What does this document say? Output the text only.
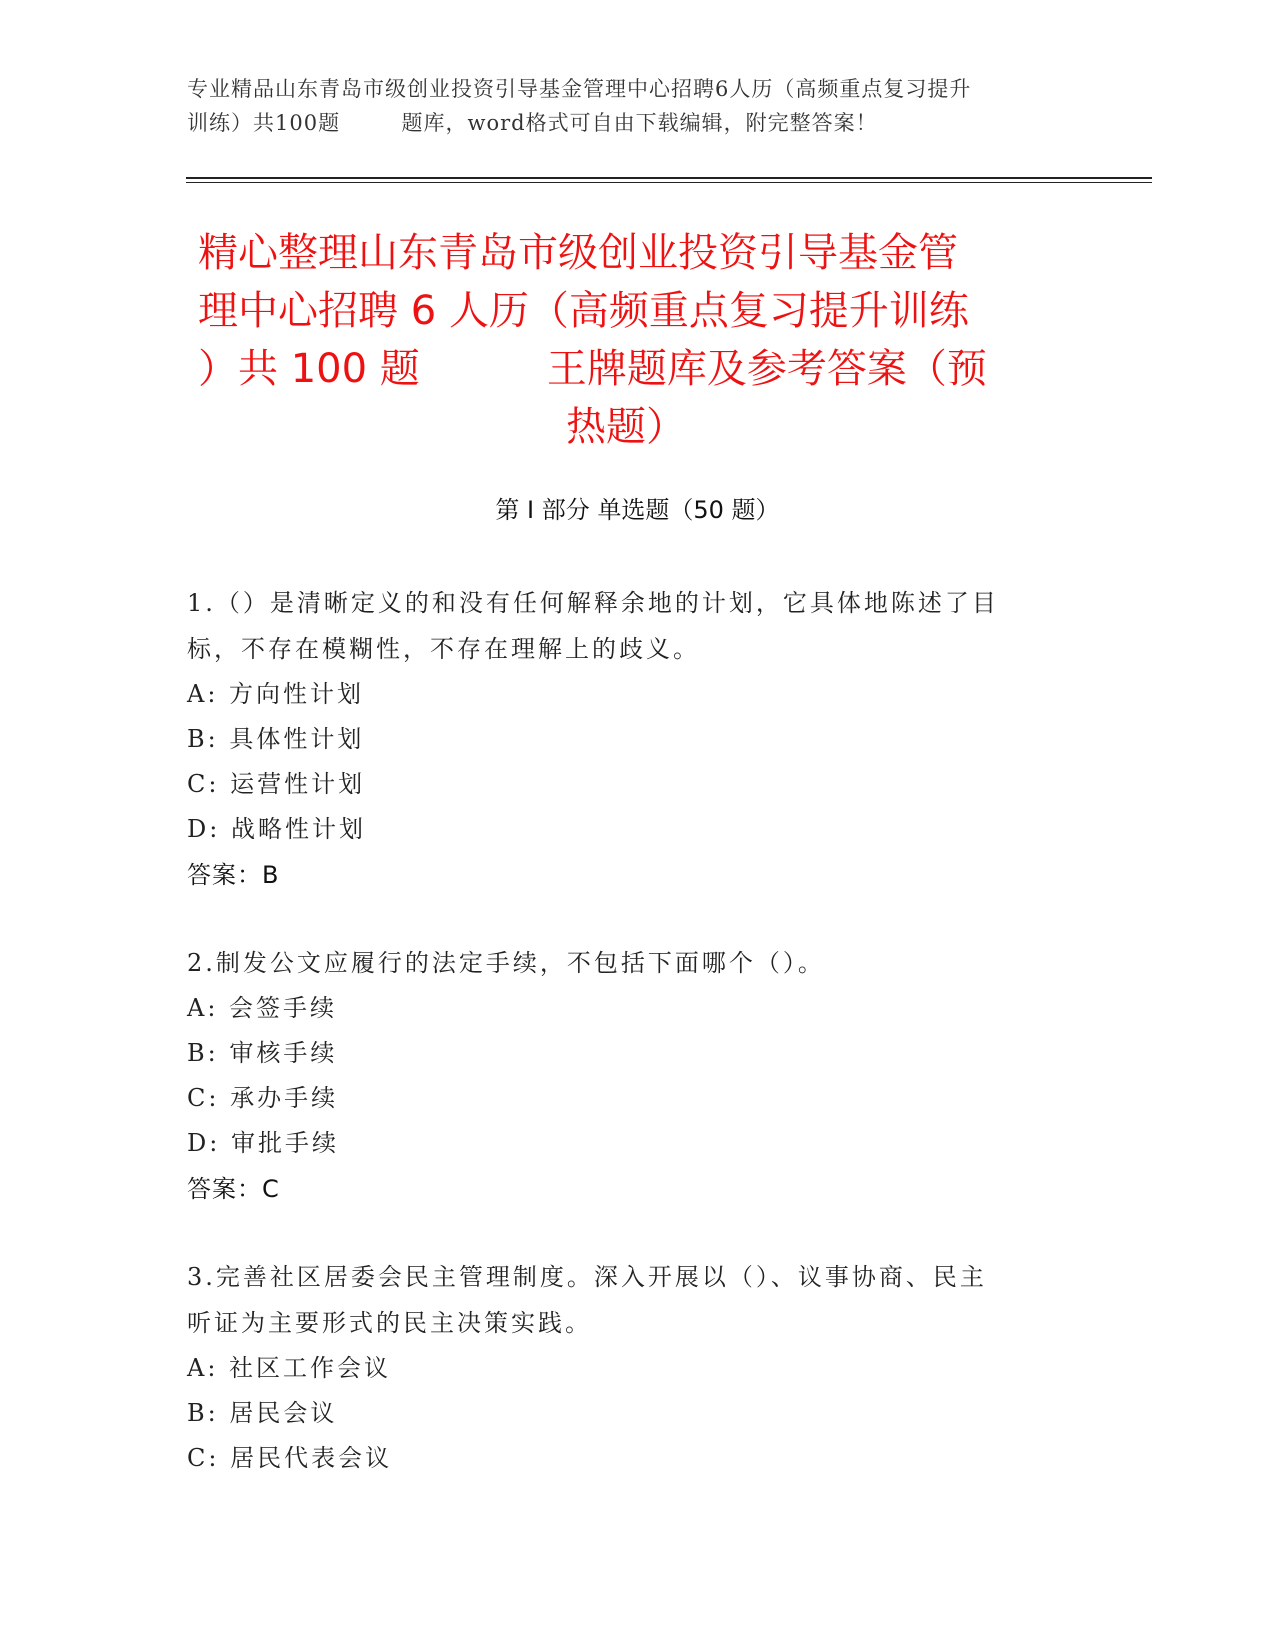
专业精品山东青岛市级创业投资引导基金管理中心招聘6人历（高频重点复习提升
训练）共100题        题库，word格式可自由下载编辑，附完整答案！
精心整理山东青岛市级创业投资引导基金管
理中心招聘 6 人历（高频重点复习提升训练
）共 100 题          王牌题库及参考答案（预
热题）
第 I 部分 单选题（50 题）
1.（）是清晰定义的和没有任何解释余地的计划，它具体地陈述了目
标，不存在模糊性，不存在理解上的歧义。
A: 方向性计划
B: 具体性计划
C: 运营性计划
D: 战略性计划
答案：B
2.制发公文应履行的法定手续，不包括下面哪个（）。
A: 会签手续
B: 审核手续
C: 承办手续
D: 审批手续
答案：C
3.完善社区居委会民主管理制度。深入开展以（）、议事协商、民主
听证为主要形式的民主决策实践。
A: 社区工作会议
B: 居民会议
C: 居民代表会议
